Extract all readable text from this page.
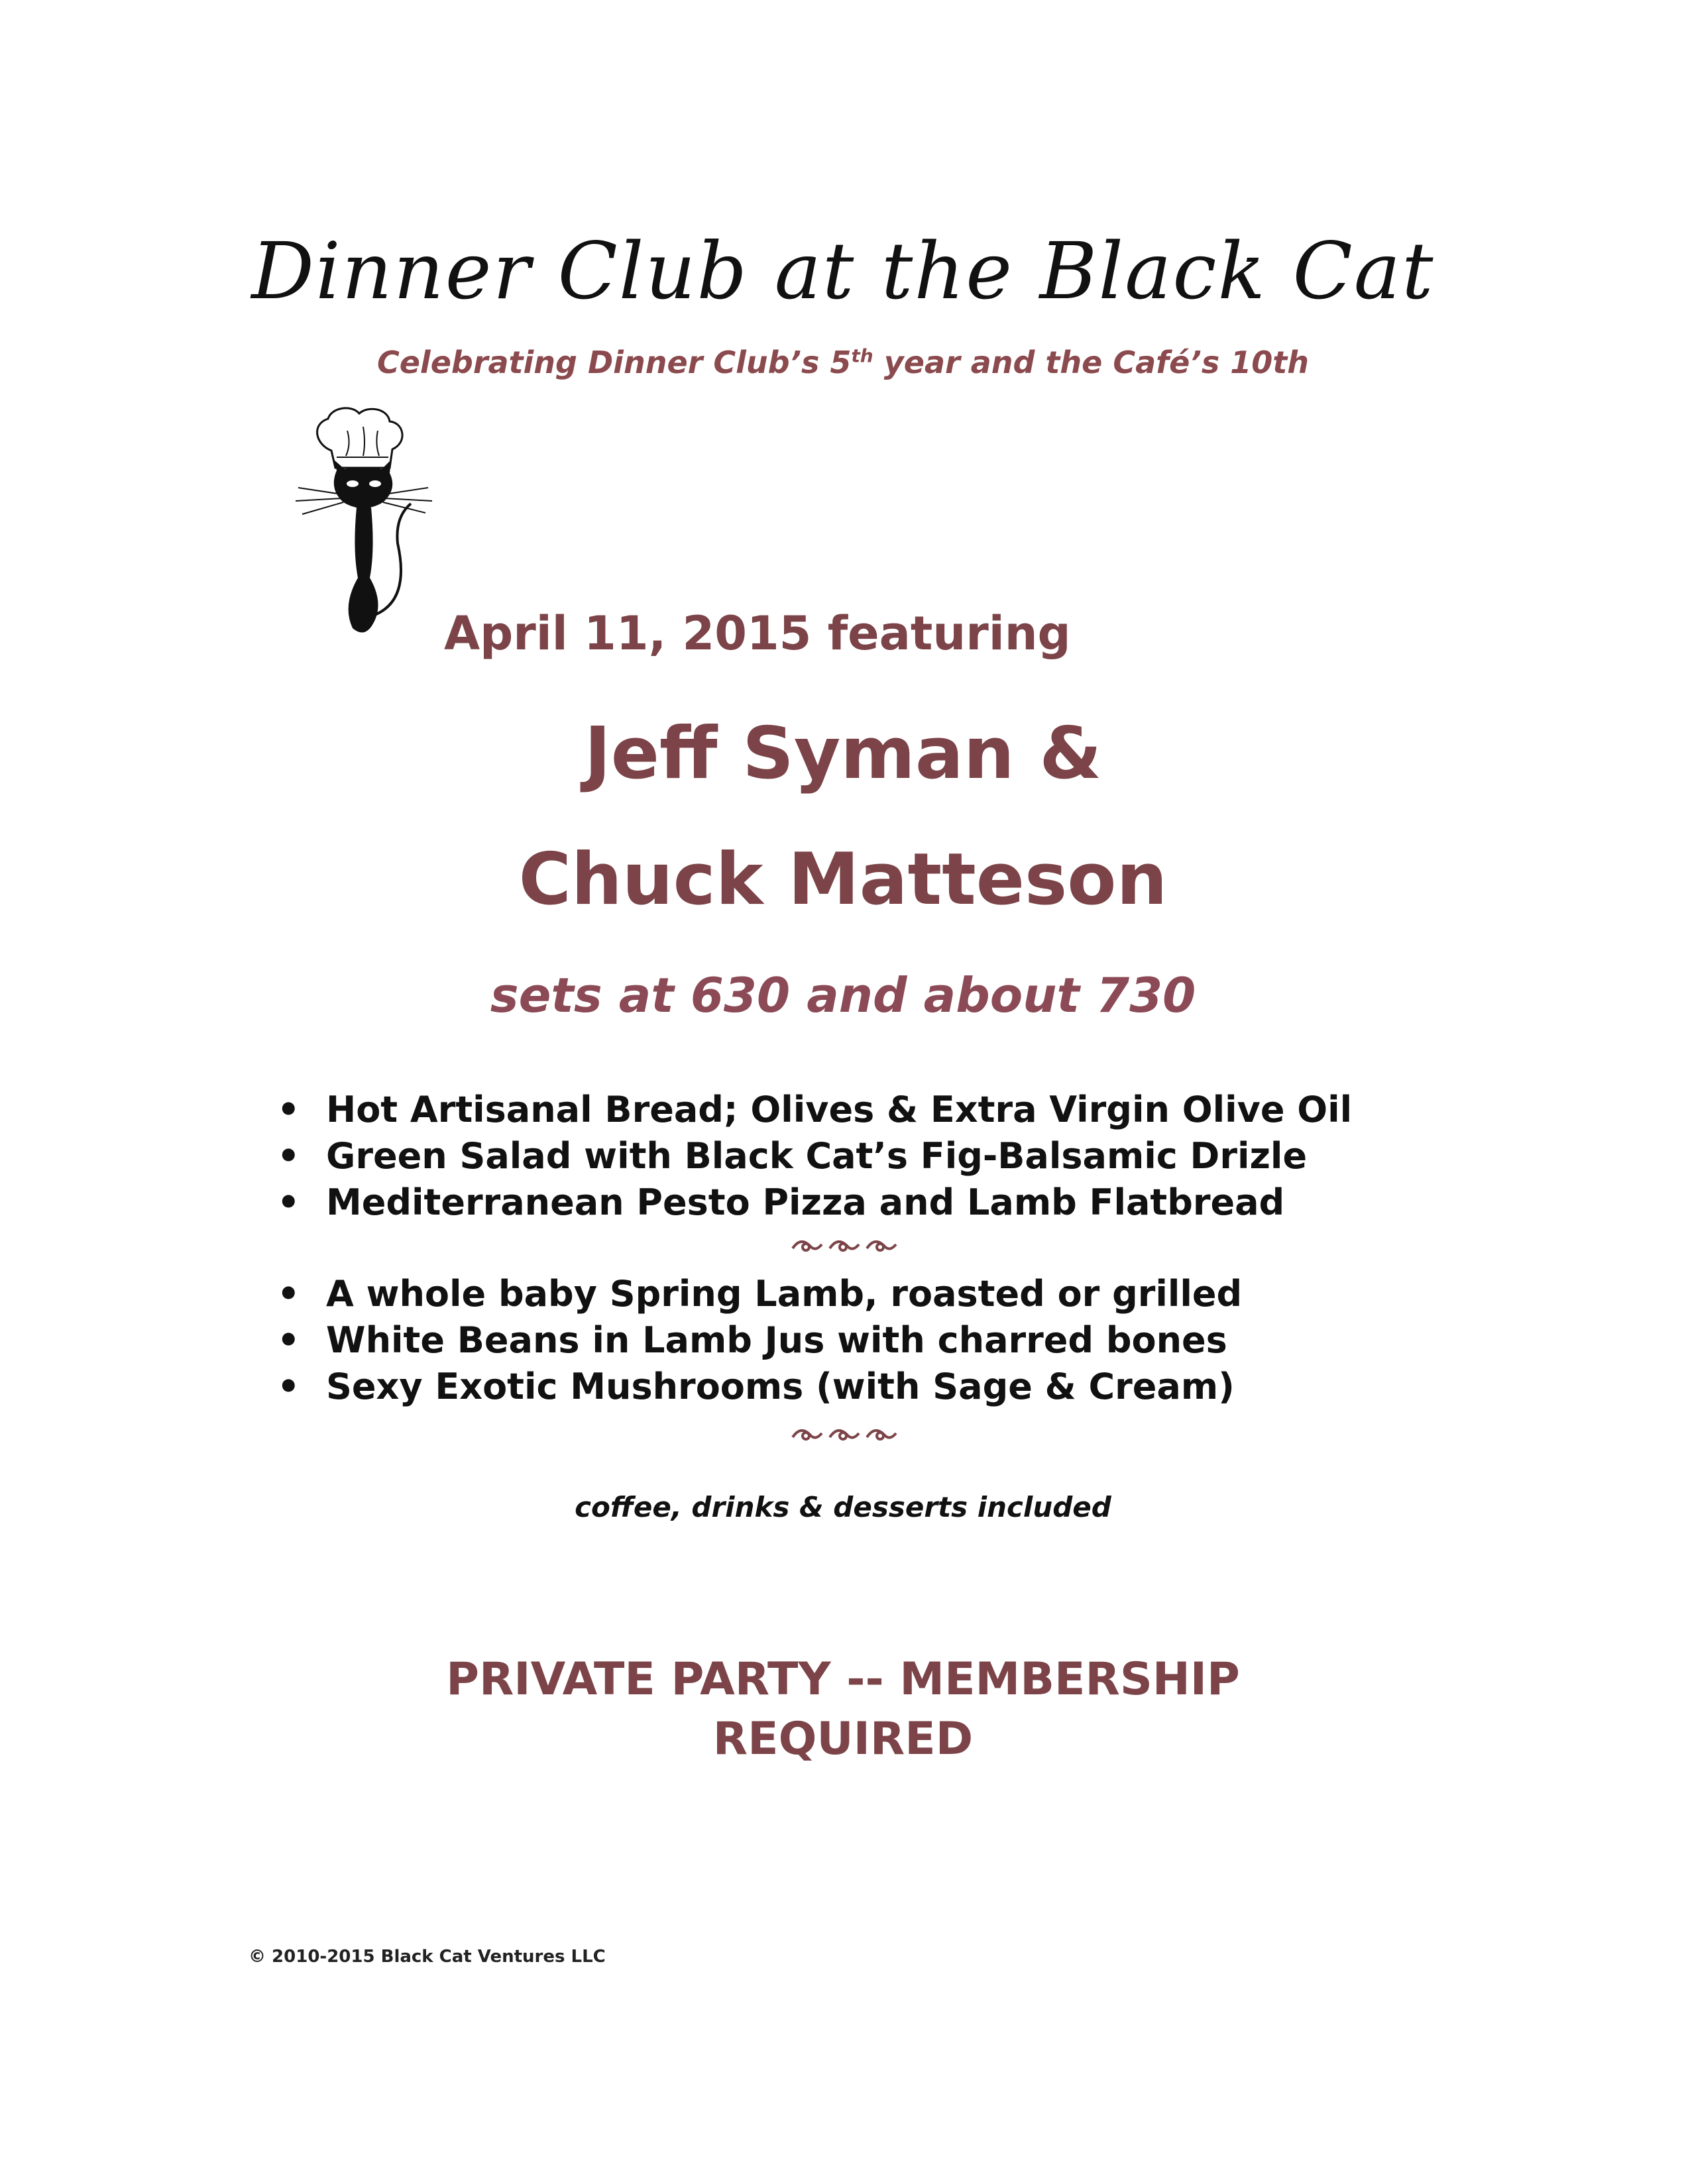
Dinner Club at the Black Cat
Celebrating Dinner Club’s 5th year and the Café’s 10th
April 11, 2015 featuring
Jeff Syman &
Chuck Matteson
sets at 630 and about 730
• Hot Artisanal Bread; Olives & Extra Virgin Olive Oil
• Green Salad with Black Cat’s Fig-Balsamic Drizle
• Mediterranean Pesto Pizza and Lamb Flatbread
• A whole baby Spring Lamb, roasted or grilled
• White Beans in Lamb Jus with charred bones
• Sexy Exotic Mushrooms (with Sage & Cream)
coffee, drinks & desserts included
PRIVATE PARTY -- MEMBERSHIP
REQUIRED
© 2010-2015 Black Cat Ventures LLC
